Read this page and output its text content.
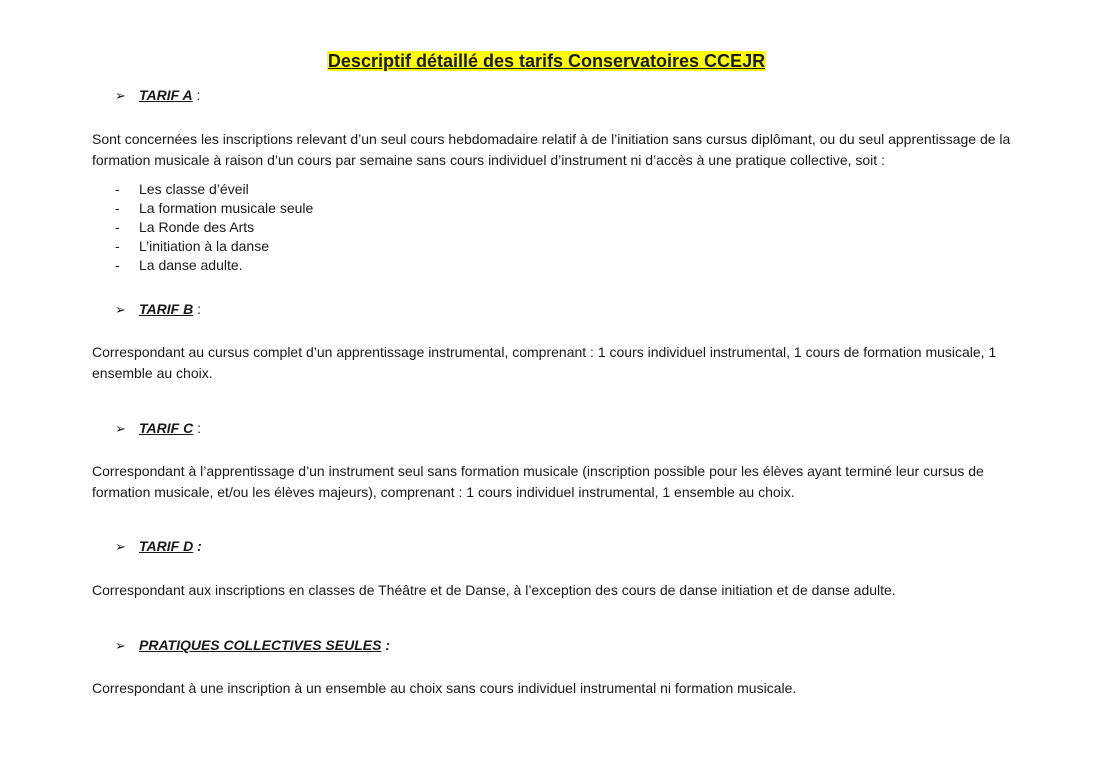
Descriptif détaillé des tarifs Conservatoires CCEJR
➢ TARIF A :
Sont concernées les inscriptions relevant d’un seul cours hebdomadaire relatif à de l’initiation sans cursus diplômant, ou du seul apprentissage de la formation musicale à raison d’un cours par semaine sans cours individuel d’instrument ni d’accès à une pratique collective, soit :
- Les classe d’éveil
- La formation musicale seule
- La Ronde des Arts
- L’initiation à la danse
- La danse adulte.
➢ TARIF B :
Correspondant au cursus complet d’un apprentissage instrumental, comprenant : 1 cours individuel instrumental, 1 cours de formation musicale, 1 ensemble au choix.
➢ TARIF C :
Correspondant à l’apprentissage d’un instrument seul sans formation musicale (inscription possible pour les élèves ayant terminé leur cursus de formation musicale, et/ou les élèves majeurs), comprenant : 1 cours individuel instrumental, 1 ensemble au choix.
➢ TARIF D :
Correspondant aux inscriptions en classes de Théâtre et de Danse, à l’exception des cours de danse initiation et de danse adulte.
➢ PRATIQUES COLLECTIVES SEULES :
Correspondant à une inscription à un ensemble au choix sans cours individuel instrumental ni formation musicale.
